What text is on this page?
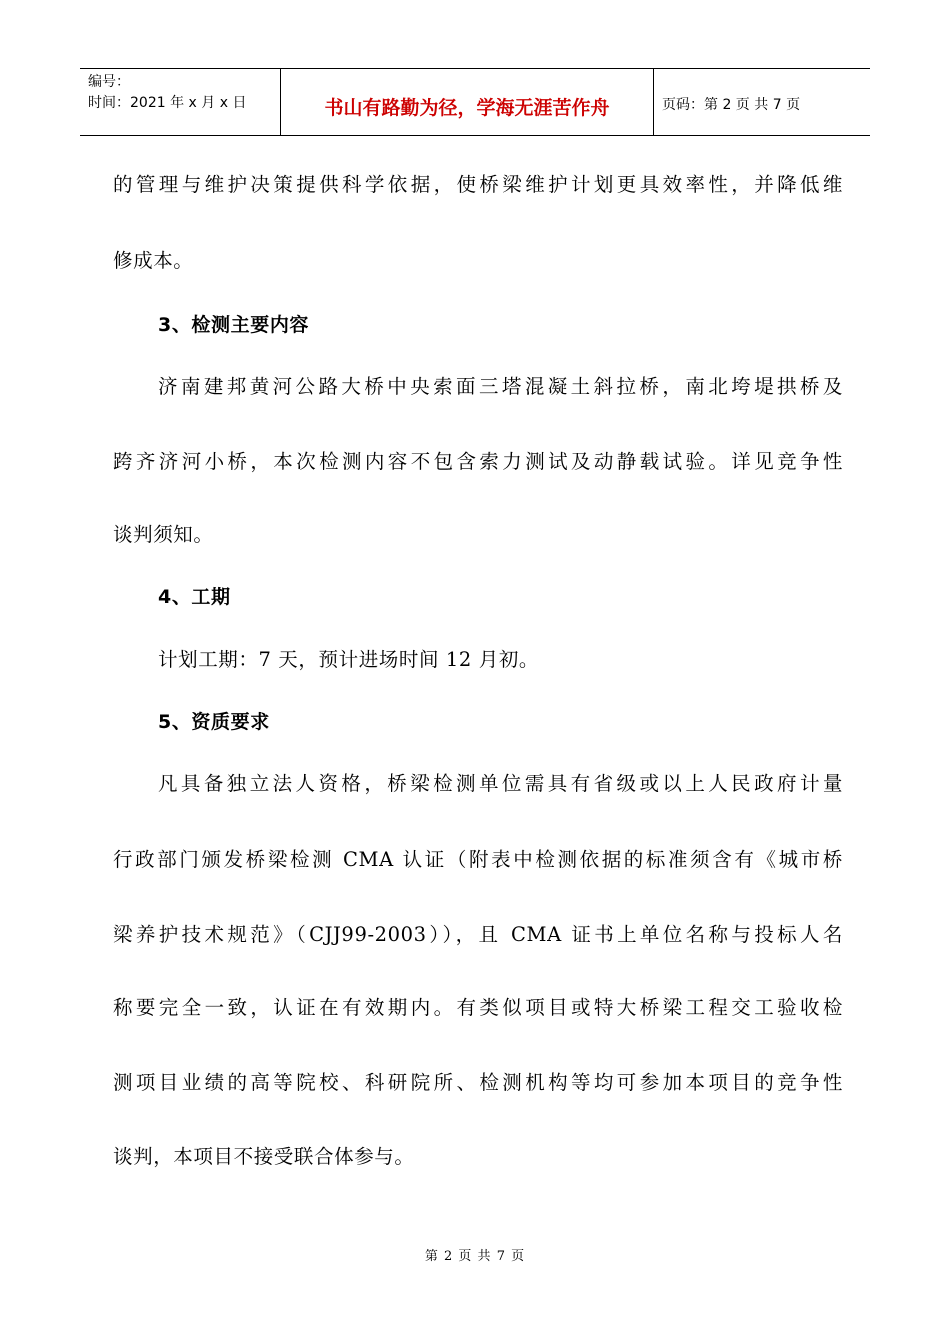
编号：
时间：2021 年 x 月 x 日	书山有路勤为径，学海无涯苦作舟	页码：第 2 页 共 7 页
的管理与维护决策提供科学依据，使桥梁维护计划更具效率性，并降低维
修成本。
3、检测主要内容
济南建邦黄河公路大桥中央索面三塔混凝土斜拉桥，南北垮堤拱桥及
跨齐济河小桥，本次检测内容不包含索力测试及动静载试验。详见竞争性
谈判须知。
4、工期
计划工期：7 天，预计进场时间 12 月初。
5、资质要求
凡具备独立法人资格，桥梁检测单位需具有省级或以上人民政府计量
行政部门颁发桥梁检测 CMA 认证（附表中检测依据的标准须含有《城市桥
梁养护技术规范》（CJJ99-2003）），且 CMA 证书上单位名称与投标人名
称要完全一致，认证在有效期内。有类似项目或特大桥梁工程交工验收检
测项目业绩的高等院校、科研院所、检测机构等均可参加本项目的竞争性
谈判，本项目不接受联合体参与。
第 2 页 共 7 页
